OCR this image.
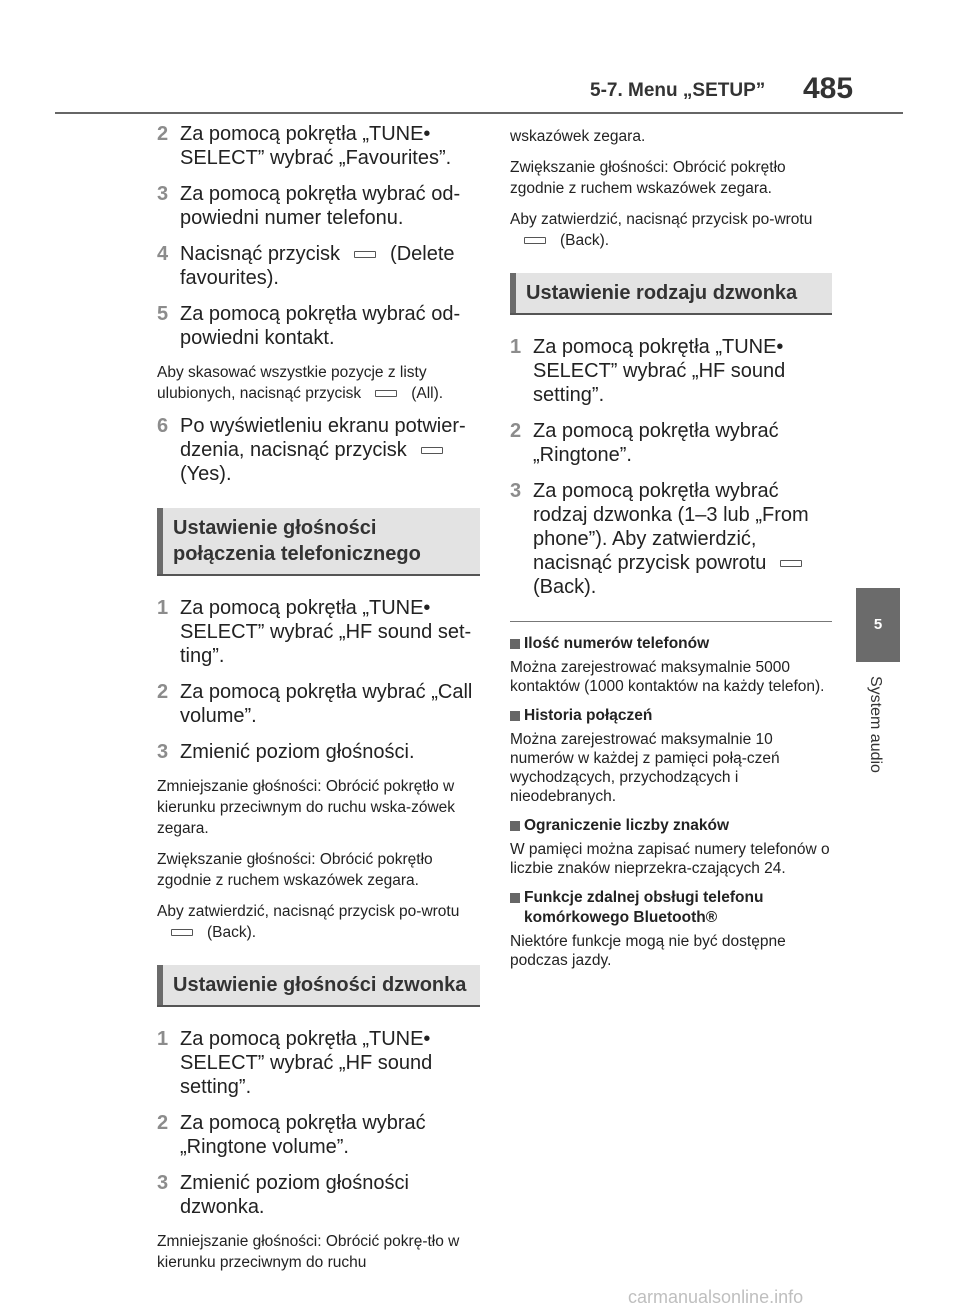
5-7. Menu „SETUP” 485
5
System audio
2 Za pomocą pokrętła „TUNE• SELECT” wybrać „Favourites”.
3 Za pomocą pokrętła wybrać od-powiedni numer telefonu.
4 Nacisnąć przycisk	(Delete favourites).
5 Za pomocą pokrętła wybrać od-powiedni kontakt.

Aby skasować wszystkie pozycje z listy ulubionych, nacisnąć przycisk	(All).

6 Po wyświetleniu ekranu potwier-dzenia, nacisnąć przycisk(Yes).
Ustawienie głośności połączenia telefonicznego
1 Za pomocą pokrętła „TUNE• SELECT” wybrać „HF sound set-ting”.
2 Za pomocą pokrętła wybrać „Call volume”.
3 Zmienić poziom głośności.

Zmniejszanie głośności: Obrócić pokrętło w kierunku przeciwnym do ruchu wska-zówek zegara.

Zwiększanie głośności: Obrócić pokrętło zgodnie z ruchem wskazówek zegara.

Aby zatwierdzić, nacisnąć przycisk po-wrotu(Back).

Ustawienie głośności dzwonka
1 Za pomocą pokrętła „TUNE• SELECT” wybrać „HF sound setting”.
2 Za pomocą pokrętła wybrać „Ringtone volume”.
3 Zmienić poziom głośności dzwonka.

Zmniejszanie głośności: Obrócić pokrę-tło w kierunku przeciwnym do ruchu

wskazówek zegara.

Zwiększanie głośności: Obrócić pokrętło zgodnie z ruchem wskazówek zegara.

Aby zatwierdzić, nacisnąć przycisk po-wrotu(Back).

Ustawienie rodzaju dzwonka
1 Za pomocą pokrętła „TUNE• SELECT” wybrać „HF sound setting”.
2 Za pomocą pokrętła wybrać „Ringtone”.
3 Za pomocą pokrętła wybrać rodzaj dzwonka (1–3 lub „From phone”). Aby zatwierdzić, nacisnąć przycisk powrotu(Back).
Ilość numerów telefonów

Można zarejestrować maksymalnie 5000 kontaktów (1000 kontaktów na każdy telefon).

Historia połączeń

Można zarejestrować maksymalnie 10 numerów w każdej z pamięci połą-czeń wychodzących, przychodzących i nieodebranych.

Ograniczenie liczby znaków

W pamięci można zapisać numery telefonów o liczbie znaków nieprzekra-czających 24.

Funkcje zdalnej obsługi telefonu komórkowego Bluetooth®

Niektóre funkcje mogą nie być dostępne podczas jazdy.

carmanualsonline.info
